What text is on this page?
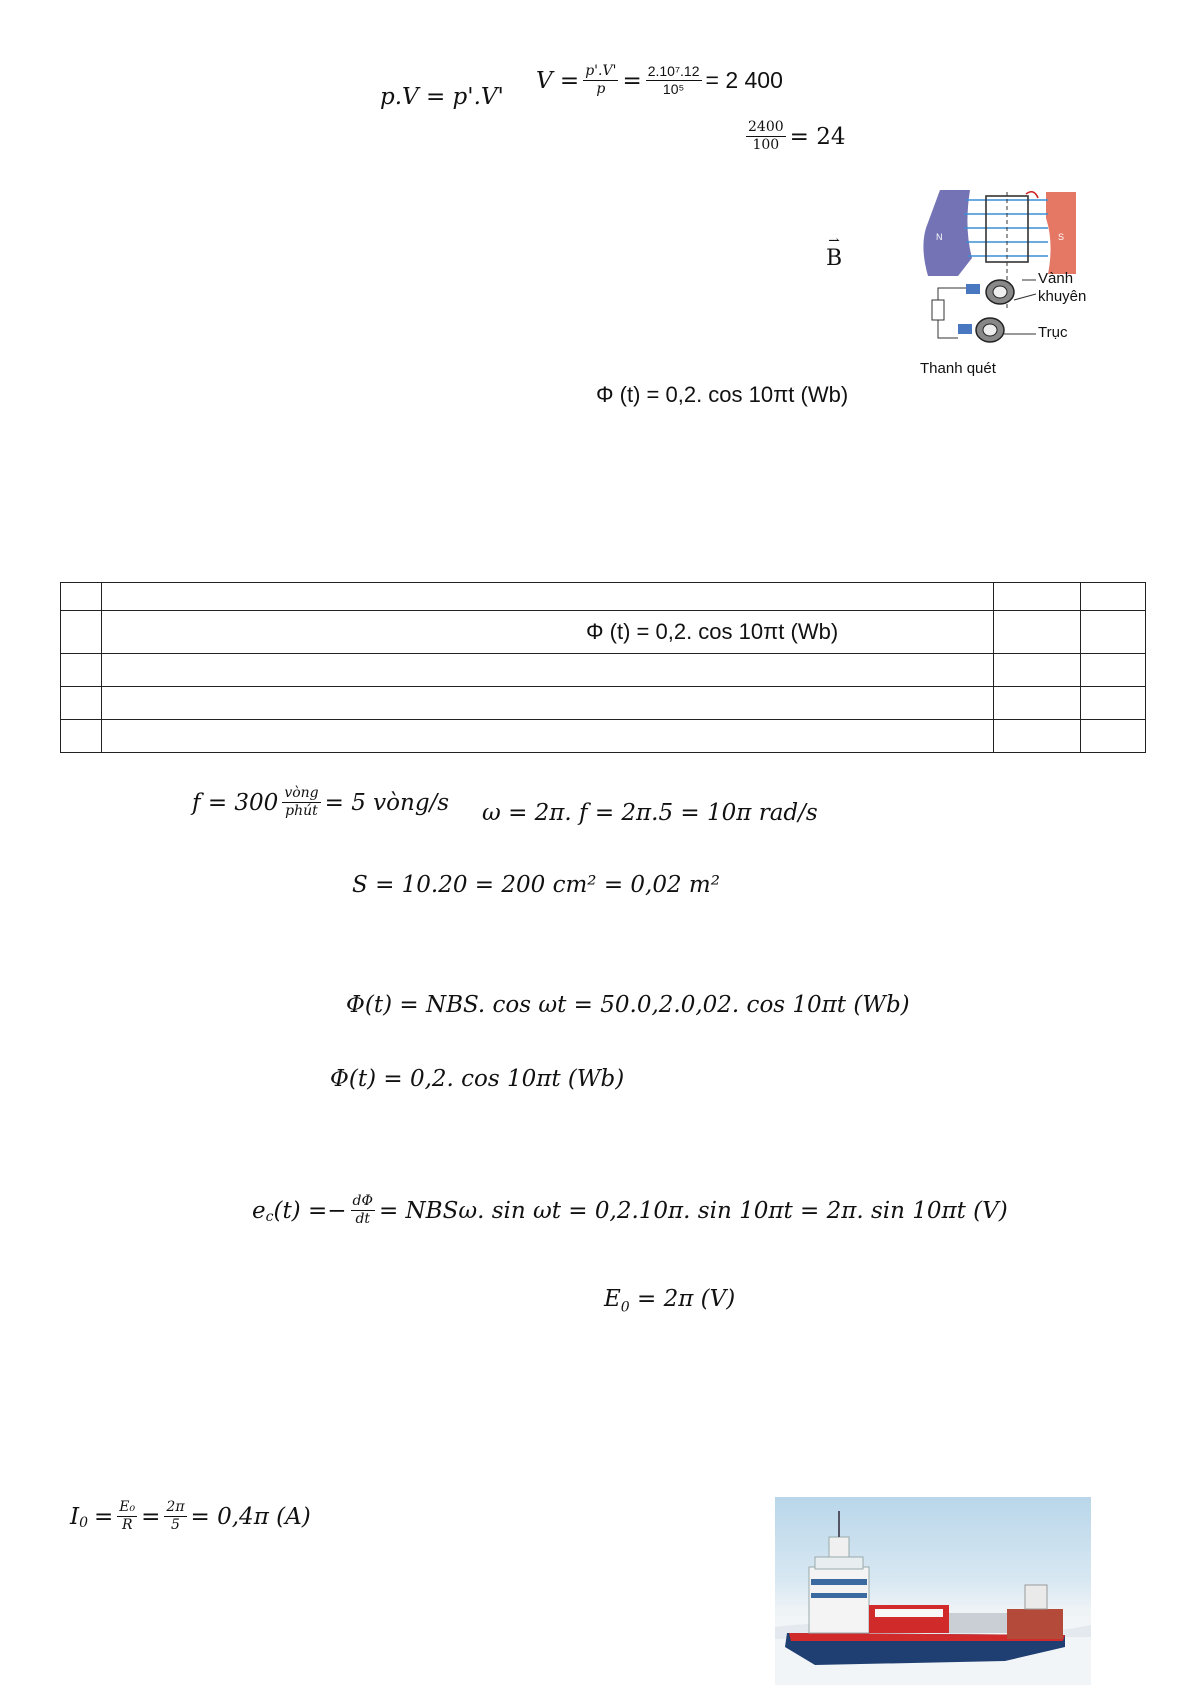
p.V = p'.V'
$V = \frac{p'.V'}{p} = \frac{\text{2.10⁷.12}}{\text{10⁵}} = 2$ 400
$\frac{2400}{100} = 24$
⇀
B
N	S
Vành
khuyên
Trục
Thanh quét
Φ (t) = 0,2. cos 10πt (Wb)

	Φ (t) = 0,2. cos 10πt (Wb)		

$f = 300 \frac{\text{vòng}}{\text{phút}} = 5$ vòng/s ω = 2π. f = 2π.5 = 10π rad/s
S = 10.20 = 200 cm² = 0,02 m²
Φ(t) = NBS. cos ωt = 50.0,2.0,02. cos 10πt (Wb)
Φ(t) = 0,2. cos 10πt (Wb)
$e_c$ $(t) =- \frac{d\Phi}{dt} = NBS\omega$. sin ωt = 0,2.10π. sin 10πt = 2π. sin 10πt (V)
$E_0 = 2\pi$ (V)
$I_0 = \frac{\text{E₀}}{R} = \frac{2\pi}{5} = 0,4\pi$ (A)
